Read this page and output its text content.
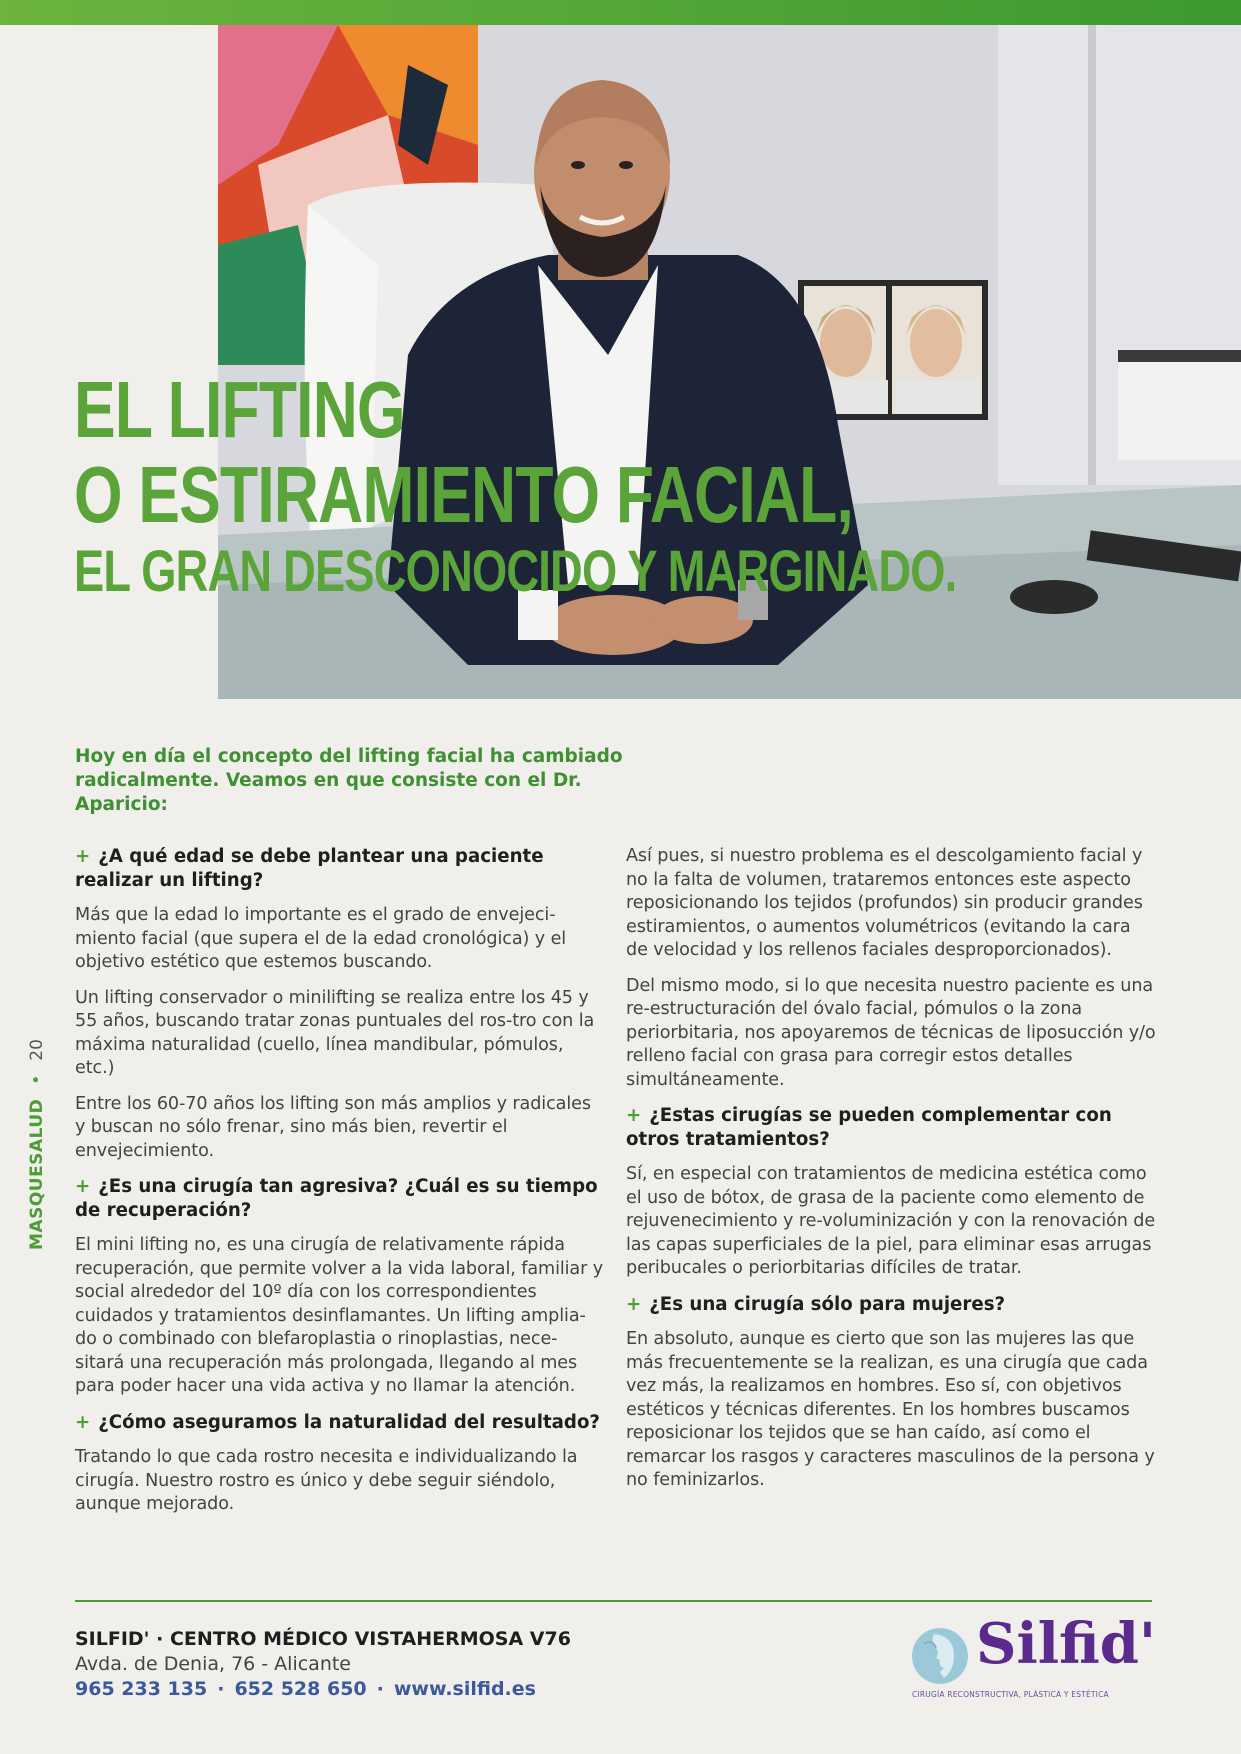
EL LIFTING
O ESTIRAMIENTO FACIAL,
EL GRAN DESCONOCIDO Y MARGINADO.

Hoy en día el concepto del lifting facial ha cambiado radicalmente. Veamos en que consiste con el Dr. Aparicio:

MASQUESALUD
•
20

+ ¿A qué edad se debe plantear una paciente realizar un lifting?

Más que la edad lo importante es el grado de envejeci-miento facial (que supera el de la edad cronológica) y el objetivo estético que estemos buscando.

Un lifting conservador o minilifting se realiza entre los 45 y 55 años, buscando tratar zonas puntuales del ros-tro con la máxima naturalidad (cuello, línea mandibular, pómulos, etc.)

Entre los 60-70 años los lifting son más amplios y radicales y buscan no sólo frenar, sino más bien, revertir el envejecimiento.

+ ¿Es una cirugía tan agresiva? ¿Cuál es su tiempo de recuperación?

El mini lifting no, es una cirugía de relativamente rápida recuperación, que permite volver a la vida laboral, familiar y social alrededor del 10º día con los correspondientes cuidados y tratamientos desinflamantes. Un lifting amplia-do o combinado con blefaroplastia o rinoplastias, nece-sitará una recuperación más prolongada, llegando al mes para poder hacer una vida activa y no llamar la atención.

+ ¿Cómo aseguramos la naturalidad del resultado?

Tratando lo que cada rostro necesita e individualizando la cirugía. Nuestro rostro es único y debe seguir siéndolo, aunque mejorado.

Así pues, si nuestro problema es el descolgamiento facial y no la falta de volumen, trataremos entonces este aspecto reposicionando los tejidos (profundos) sin producir grandes estiramientos, o aumentos volumétricos (evitando la cara de velocidad y los rellenos faciales desproporcionados).

Del mismo modo, si lo que necesita nuestro paciente es una re-estructuración del óvalo facial, pómulos o la zona periorbitaria, nos apoyaremos de técnicas de liposucción y/o relleno facial con grasa para corregir estos detalles simultáneamente.

+ ¿Estas cirugías se pueden complementar con otros tratamientos?

Sí, en especial con tratamientos de medicina estética como el uso de bótox, de grasa de la paciente como elemento de rejuvenecimiento y re-voluminización y con la renovación de las capas superficiales de la piel, para eliminar esas arrugas peribucales o periorbitarias difíciles de tratar.

+ ¿Es una cirugía sólo para mujeres?

En absoluto, aunque es cierto que son las mujeres las que más frecuentemente se la realizan, es una cirugía que cada vez más, la realizamos en hombres. Eso sí, con objetivos estéticos y técnicas diferentes. En los hombres buscamos reposicionar los tejidos que se han caído, así como el remarcar los rasgos y caracteres masculinos de la persona y no feminizarlos.

SILFID' · CENTRO MÉDICO VISTAHERMOSA V76
Avda. de Denia, 76 - Alicante
965 233 135 · 652 528 650 · www.silfid.es
Silfid'
CIRUGÍA RECONSTRUCTIVA, PLÁSTICA Y ESTÉTICA
